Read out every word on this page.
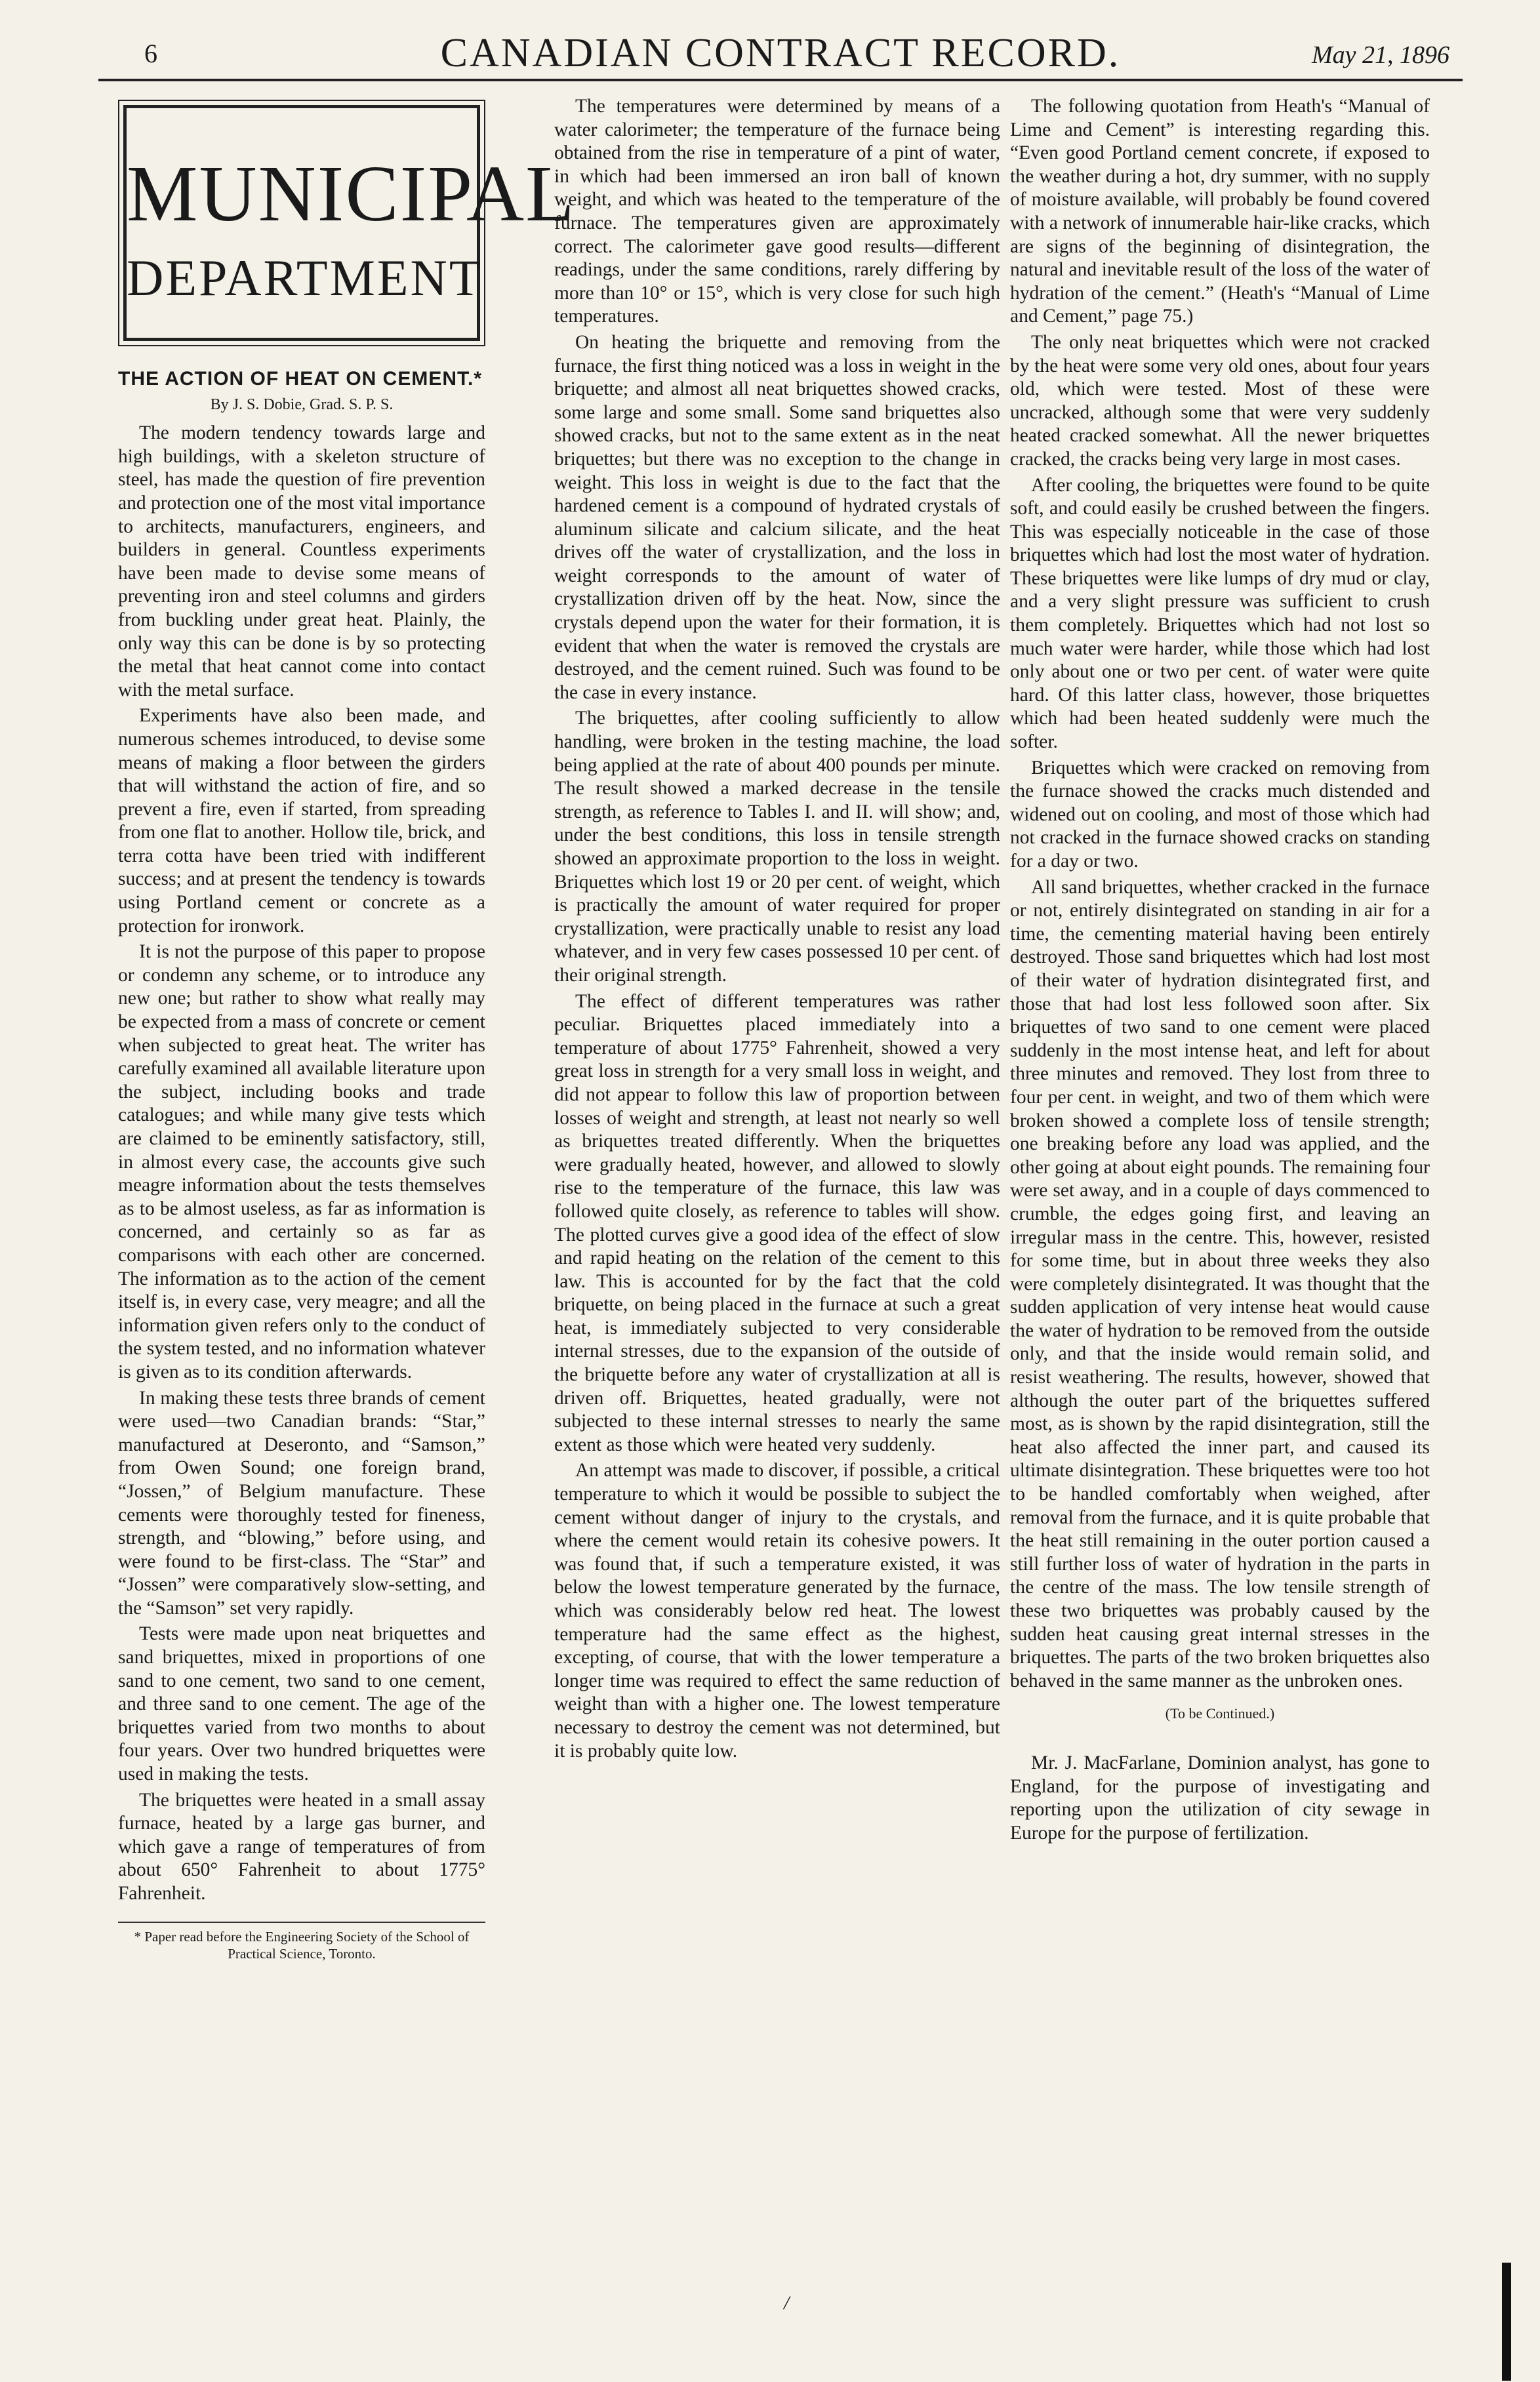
6	CANADIAN CONTRACT RECORD.	May 21, 1896
MUNICIPAL
DEPARTMENT
THE ACTION OF HEAT ON CEMENT.*
By J. S. Dobie, Grad. S. P. S.

The modern tendency towards large and high buildings, with a skeleton structure of steel, has made the question of fire prevention and protection one of the most vital importance to architects, manufacturers, engineers, and builders in general. Countless experiments have been made to devise some means of preventing iron and steel columns and girders from buckling under great heat. Plainly, the only way this can be done is by so protecting the metal that heat cannot come into contact with the metal surface.

Experiments have also been made, and numerous schemes introduced, to devise some means of making a floor between the girders that will withstand the action of fire, and so prevent a fire, even if started, from spreading from one flat to another. Hollow tile, brick, and terra cotta have been tried with indifferent success; and at present the tendency is towards using Portland cement or concrete as a protection for ironwork.

It is not the purpose of this paper to propose or condemn any scheme, or to introduce any new one; but rather to show what really may be expected from a mass of concrete or cement when subjected to great heat. The writer has carefully examined all available literature upon the subject, including books and trade catalogues; and while many give tests which are claimed to be eminently satisfactory, still, in almost every case, the accounts give such meagre information about the tests themselves as to be almost useless, as far as information is concerned, and certainly so as far as comparisons with each other are concerned. The information as to the action of the cement itself is, in every case, very meagre; and all the information given refers only to the conduct of the system tested, and no information whatever is given as to its condition afterwards.

In making these tests three brands of cement were used—two Canadian brands: “Star,” manufactured at Deseronto, and “Samson,” from Owen Sound; one foreign brand, “Jossen,” of Belgium manufacture. These cements were thoroughly tested for fineness, strength, and “blowing,” before using, and were found to be first-class. The “Star” and “Jossen” were comparatively slow-setting, and the “Samson” set very rapidly.

Tests were made upon neat briquettes and sand briquettes, mixed in proportions of one sand to one cement, two sand to one cement, and three sand to one cement. The age of the briquettes varied from two months to about four years. Over two hundred briquettes were used in making the tests.

The briquettes were heated in a small assay furnace, heated by a large gas burner, and which gave a range of temperatures of from about 650° Fahrenheit to about 1775° Fahrenheit.

* Paper read before the Engineering Society of the School of Practical Science, Toronto.

The temperatures were determined by means of a water calorimeter; the temperature of the furnace being obtained from the rise in temperature of a pint of water, in which had been immersed an iron ball of known weight, and which was heated to the temperature of the furnace. The temperatures given are approximately correct. The calorimeter gave good results—different readings, under the same conditions, rarely differing by more than 10° or 15°, which is very close for such high temperatures.

On heating the briquette and removing from the furnace, the first thing noticed was a loss in weight in the briquette; and almost all neat briquettes showed cracks, some large and some small. Some sand briquettes also showed cracks, but not to the same extent as in the neat briquettes; but there was no exception to the change in weight. This loss in weight is due to the fact that the hardened cement is a compound of hydrated crystals of aluminum silicate and calcium silicate, and the heat drives off the water of crystallization, and the loss in weight corresponds to the amount of water of crystallization driven off by the heat. Now, since the crystals depend upon the water for their formation, it is evident that when the water is removed the crystals are destroyed, and the cement ruined. Such was found to be the case in every instance.

The briquettes, after cooling sufficiently to allow handling, were broken in the testing machine, the load being applied at the rate of about 400 pounds per minute. The result showed a marked decrease in the tensile strength, as reference to Tables I. and II. will show; and, under the best conditions, this loss in tensile strength showed an approximate proportion to the loss in weight. Briquettes which lost 19 or 20 per cent. of weight, which is practically the amount of water required for proper crystallization, were practically unable to resist any load whatever, and in very few cases possessed 10 per cent. of their original strength.

The effect of different temperatures was rather peculiar. Briquettes placed immediately into a temperature of about 1775° Fahrenheit, showed a very great loss in strength for a very small loss in weight, and did not appear to follow this law of proportion between losses of weight and strength, at least not nearly so well as briquettes treated differently. When the briquettes were gradually heated, however, and allowed to slowly rise to the temperature of the furnace, this law was followed quite closely, as reference to tables will show. The plotted curves give a good idea of the effect of slow and rapid heating on the relation of the cement to this law. This is accounted for by the fact that the cold briquette, on being placed in the furnace at such a great heat, is immediately subjected to very considerable internal stresses, due to the expansion of the outside of the briquette before any water of crystallization at all is driven off. Briquettes, heated gradually, were not subjected to these internal stresses to nearly the same extent as those which were heated very suddenly.

An attempt was made to discover, if possible, a critical temperature to which it would be possible to subject the cement without danger of injury to the crystals, and where the cement would retain its cohesive powers. It was found that, if such a temperature existed, it was below the lowest temperature generated by the furnace, which was considerably below red heat. The lowest temperature had the same effect as the highest, excepting, of course, that with the lower temperature a longer time was required to effect the same reduction of weight than with a higher one. The lowest temperature necessary to destroy the cement was not determined, but it is probably quite low.

The following quotation from Heath's “Manual of Lime and Cement” is interesting regarding this. “Even good Portland cement concrete, if exposed to the weather during a hot, dry summer, with no supply of moisture available, will probably be found covered with a network of innumerable hair-like cracks, which are signs of the beginning of disintegration, the natural and inevitable result of the loss of the water of hydration of the cement.” (Heath's “Manual of Lime and Cement,” page 75.)

The only neat briquettes which were not cracked by the heat were some very old ones, about four years old, which were tested. Most of these were uncracked, although some that were very suddenly heated cracked somewhat. All the newer briquettes cracked, the cracks being very large in most cases.

After cooling, the briquettes were found to be quite soft, and could easily be crushed between the fingers. This was especially noticeable in the case of those briquettes which had lost the most water of hydration. These briquettes were like lumps of dry mud or clay, and a very slight pressure was sufficient to crush them completely. Briquettes which had not lost so much water were harder, while those which had lost only about one or two per cent. of water were quite hard. Of this latter class, however, those briquettes which had been heated suddenly were much the softer.

Briquettes which were cracked on removing from the furnace showed the cracks much distended and widened out on cooling, and most of those which had not cracked in the furnace showed cracks on standing for a day or two.

All sand briquettes, whether cracked in the furnace or not, entirely disintegrated on standing in air for a time, the cementing material having been entirely destroyed. Those sand briquettes which had lost most of their water of hydration disintegrated first, and those that had lost less followed soon after. Six briquettes of two sand to one cement were placed suddenly in the most intense heat, and left for about three minutes and removed. They lost from three to four per cent. in weight, and two of them which were broken showed a complete loss of tensile strength; one breaking before any load was applied, and the other going at about eight pounds. The remaining four were set away, and in a couple of days commenced to crumble, the edges going first, and leaving an irregular mass in the centre. This, however, resisted for some time, but in about three weeks they also were completely disintegrated. It was thought that the sudden application of very intense heat would cause the water of hydration to be removed from the outside only, and that the inside would remain solid, and resist weathering. The results, however, showed that although the outer part of the briquettes suffered most, as is shown by the rapid disintegration, still the heat also affected the inner part, and caused its ultimate disintegration. These briquettes were too hot to be handled comfortably when weighed, after removal from the furnace, and it is quite probable that the heat still remaining in the outer portion caused a still further loss of water of hydration in the parts in the centre of the mass. The low tensile strength of these two briquettes was probably caused by the sudden heat causing great internal stresses in the briquettes. The parts of the two broken briquettes also behaved in the same manner as the unbroken ones.

(To be Continued.)

Mr. J. MacFarlane, Dominion analyst, has gone to England, for the purpose of investigating and reporting upon the utilization of city sewage in Europe for the purpose of fertilization.

/
